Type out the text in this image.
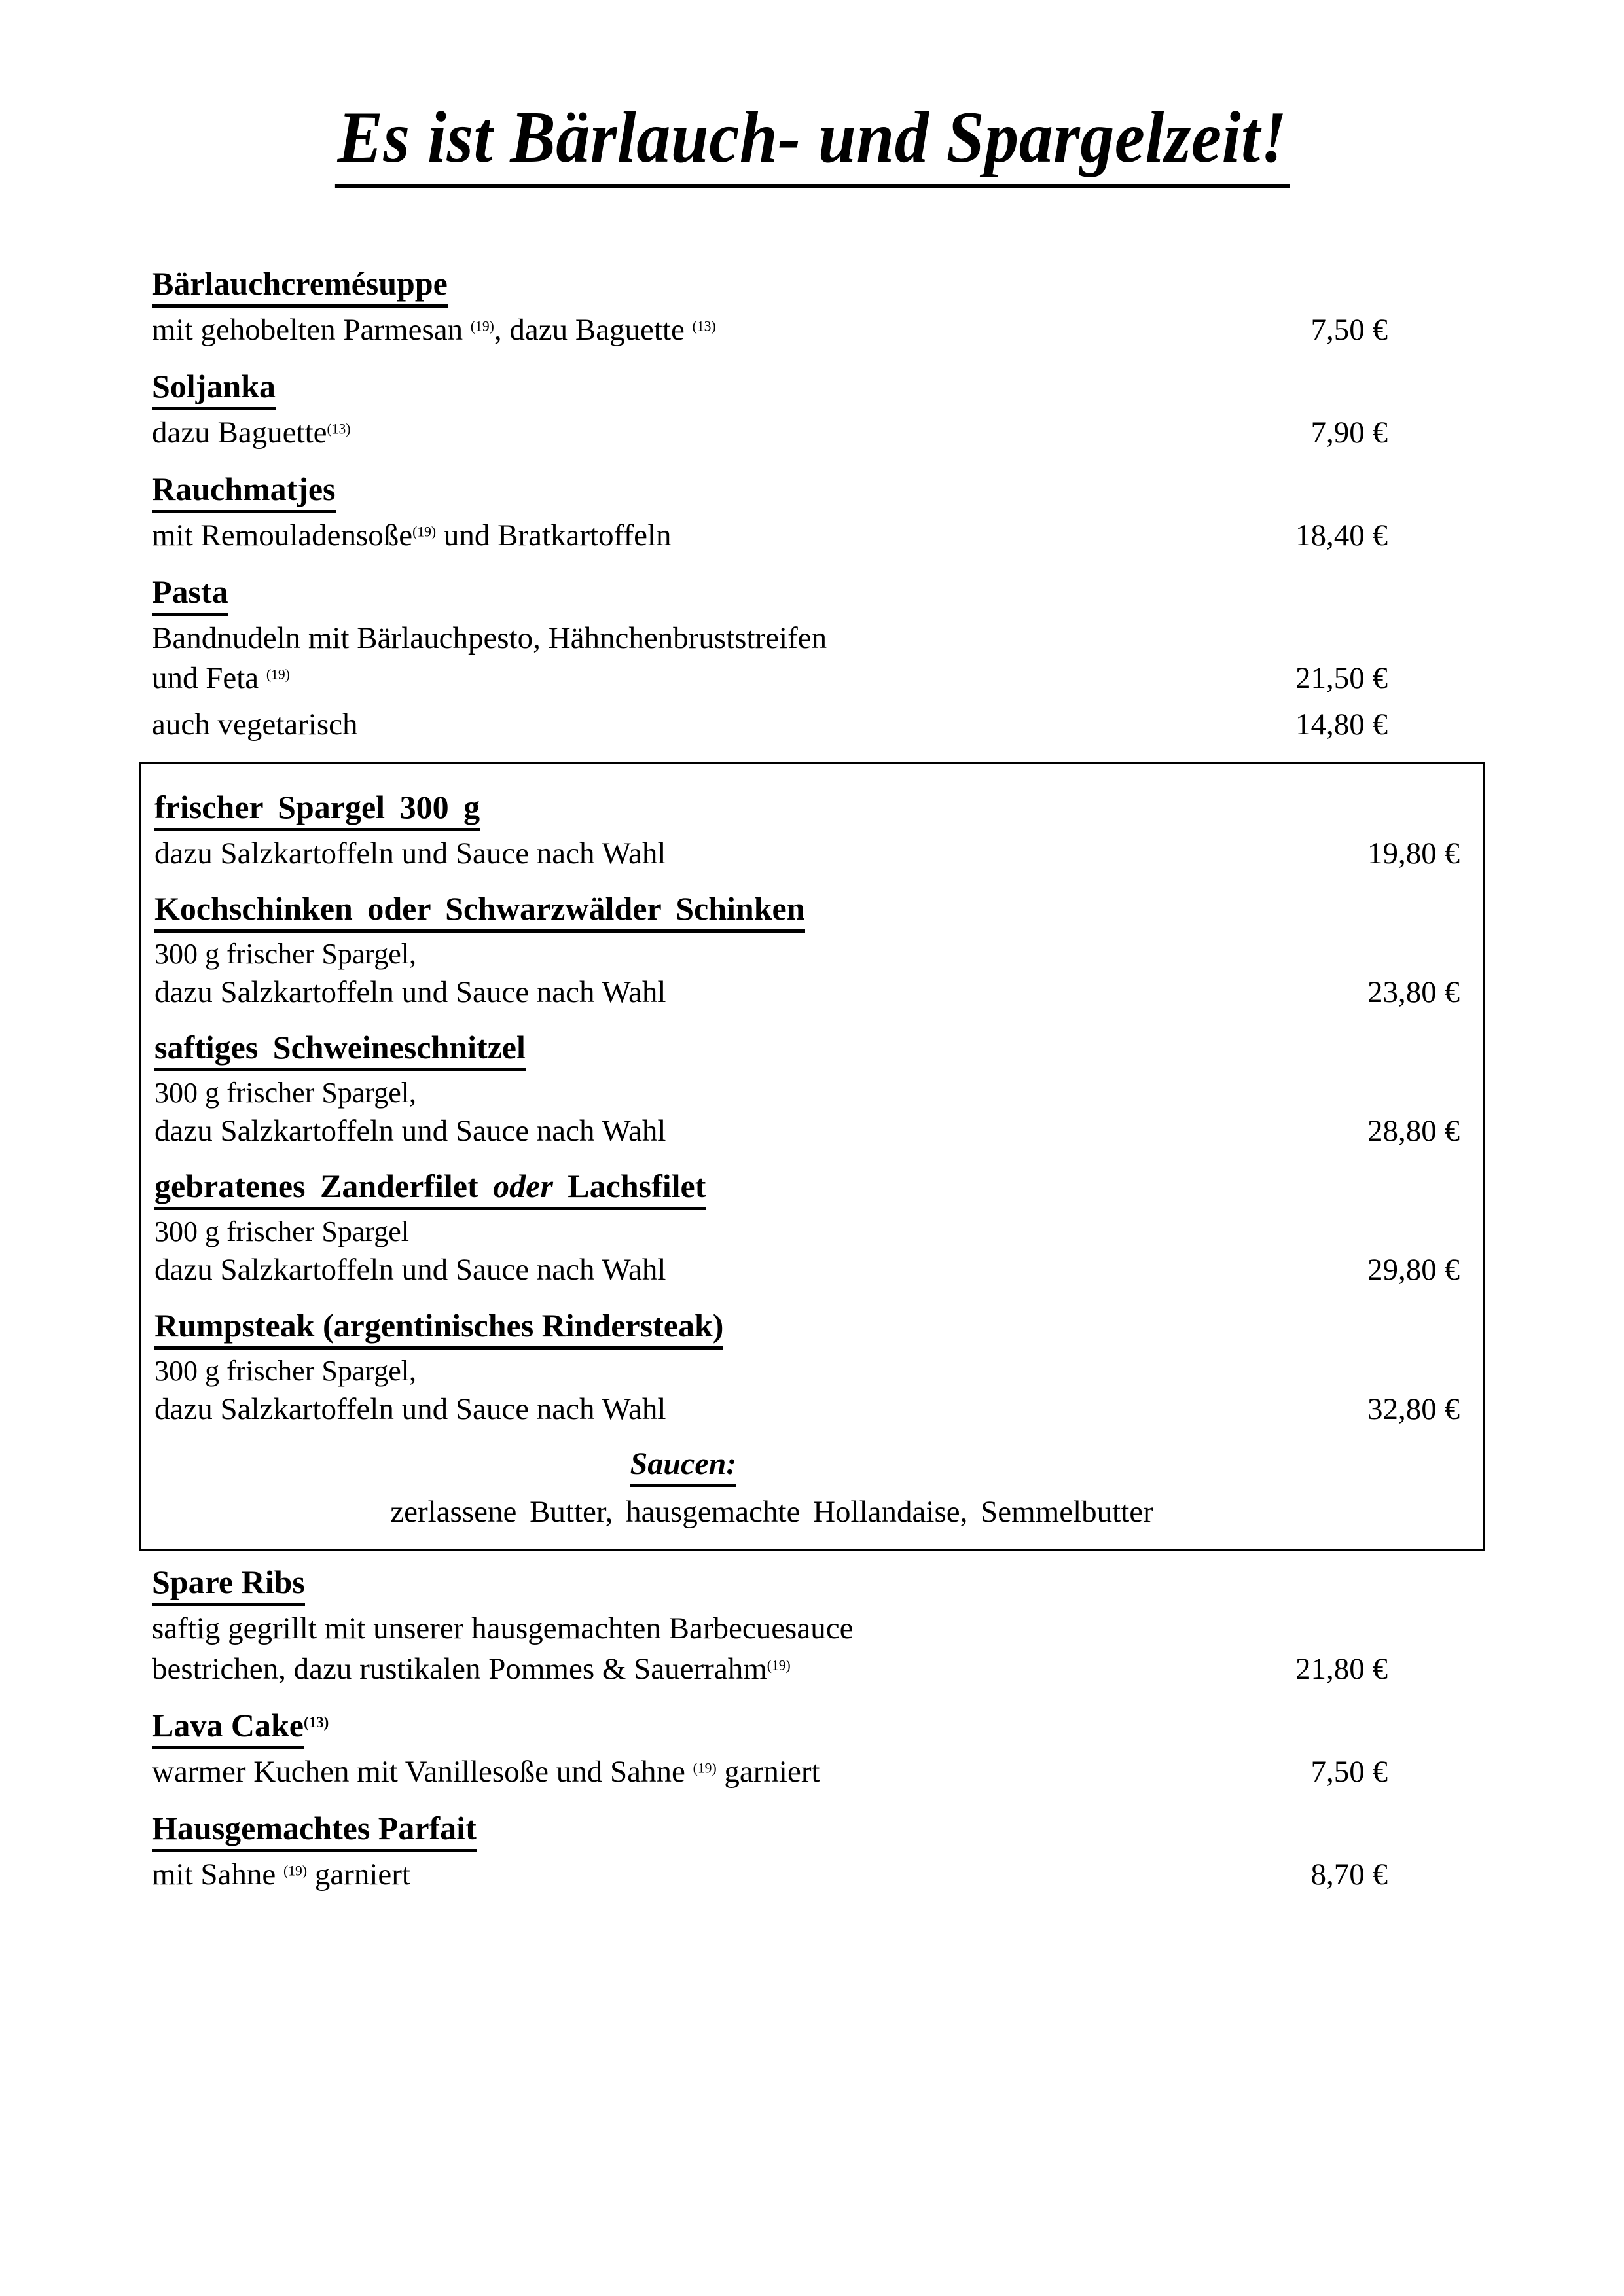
Es ist Bärlauch- und Spargelzeit!
Bärlauchcremésuppe
mit gehobelten Parmesan $^{(19)}$, dazu Baguette $^{(13)}$	7,50 €
Soljanka
dazu Baguette$^{(13)}$	7,90 €
Rauchmatjes
mit Remouladensoße$^{(19)}$ und Bratkartoffeln	18,40 €
Pasta
Bandnudeln mit Bärlauchpesto, Hähnchenbruststreifen
und Feta $^{(19)}$	21,50 €
auch vegetarisch	14,80 €
frischer Spargel 300 g
dazu Salzkartoffeln und Sauce nach Wahl	19,80 €
Kochschinken oder Schwarzwälder Schinken
300 g frischer Spargel,
dazu Salzkartoffeln und Sauce nach Wahl	23,80 €
saftiges Schweineschnitzel
300 g frischer Spargel,
dazu Salzkartoffeln und Sauce nach Wahl	28,80 €
gebratenes Zanderfilet oder Lachsfilet
300 g frischer Spargel
dazu Salzkartoffeln und Sauce nach Wahl	29,80 €
Rumpsteak (argentinisches Rindersteak)
300 g frischer Spargel,
dazu Salzkartoffeln und Sauce nach Wahl	32,80 €
Saucen:
zerlassene Butter, hausgemachte Hollandaise, Semmelbutter
Spare Ribs
saftig gegrillt mit unserer hausgemachten Barbecuesauce
bestrichen, dazu rustikalen Pommes & Sauerrahm$^{(19)}$	21,80 €
Lava Cake$^{(13)}$
warmer Kuchen mit Vanillesoße und Sahne $^{(19)}$ garniert	7,50 €
Hausgemachtes Parfait
mit Sahne $^{(19)}$ garniert	8,70 €
